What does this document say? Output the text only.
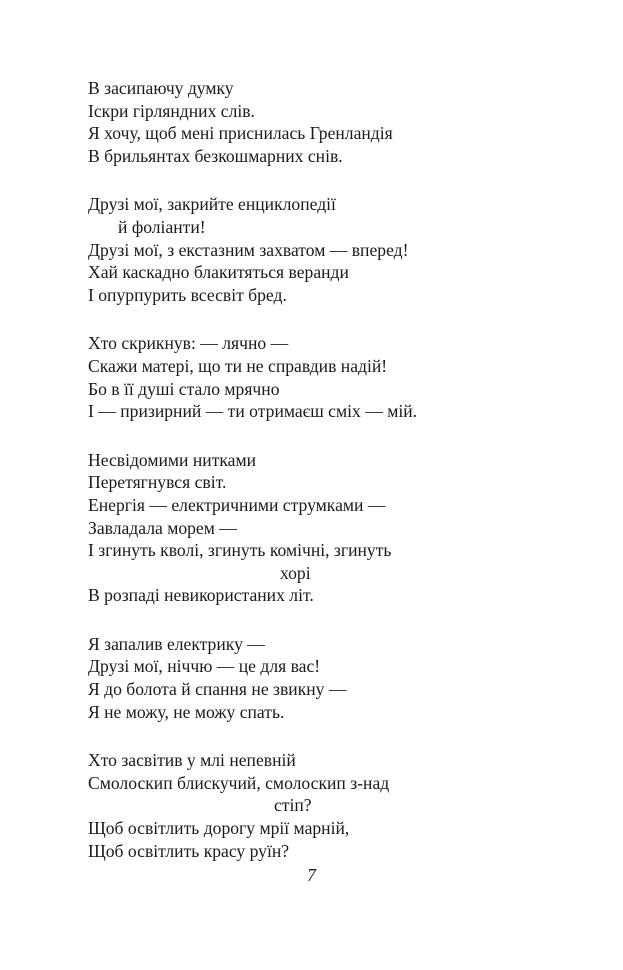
В засипаючу думку
Іскри гірляндних слів.
Я хочу, щоб мені приснилась Гренландія
В брильянтах безкошмарних снів.
Друзі мої, закрийте енциклопедії
й фоліанти!
Друзі мої, з екстазним захватом — вперед!
Хай каскадно блакитяться веранди
І опурпурить всесвіт бред.
Хто скрикнув: — лячно —
Скажи матері, що ти не справдив надій!
Бо в її душі стало мрячно
І — призирний — ти отримаєш сміх — мій.
Несвідомими нитками
Перетягнувся світ.
Енергія — електричними струмками —
Завладала морем —
І згинуть кволі, згинуть комічні, згинуть
хорі
В розпаді невикористаних літ.
Я запалив електрику —
Друзі мої, ніччю — це для вас!
Я до болота й спання не звикну —
Я не можу, не можу спать.
Хто засвітив у млі непевній
Смолоскип блискучий, смолоскип з-над
стіп?
Щоб освітлить дорогу мрії марній,
Щоб освітлить красу руїн?
7
